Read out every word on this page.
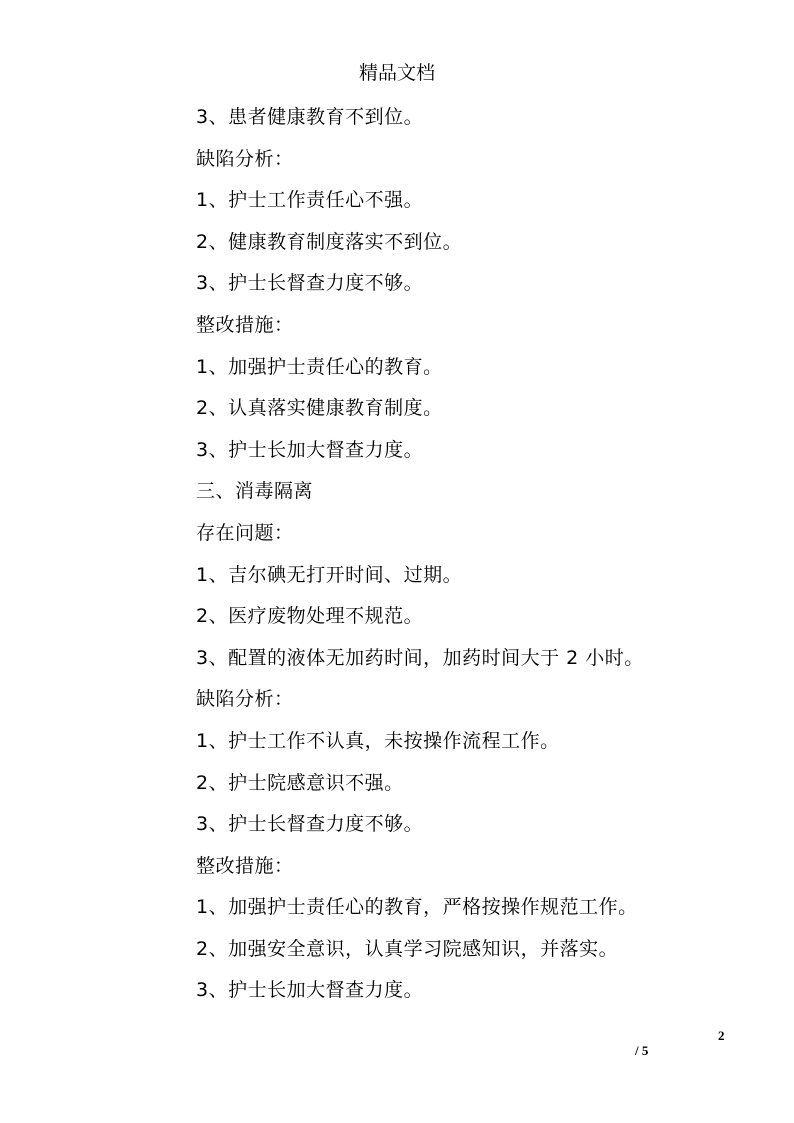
精品文档
3、患者健康教育不到位。
缺陷分析：
1、护士工作责任心不强。
2、健康教育制度落实不到位。
3、护士长督查力度不够。
整改措施：
1、加强护士责任心的教育。
2、认真落实健康教育制度。
3、护士长加大督查力度。
三、消毒隔离
存在问题：
1、吉尔碘无打开时间、过期。
2、医疗废物处理不规范。
3、配置的液体无加药时间，加药时间大于 2 小时。
缺陷分析：
1、护士工作不认真，未按操作流程工作。
2、护士院感意识不强。
3、护士长督查力度不够。
整改措施：
1、加强护士责任心的教育，严格按操作规范工作。
2、加强安全意识，认真学习院感知识，并落实。
3、护士长加大督查力度。
2
/ 5
